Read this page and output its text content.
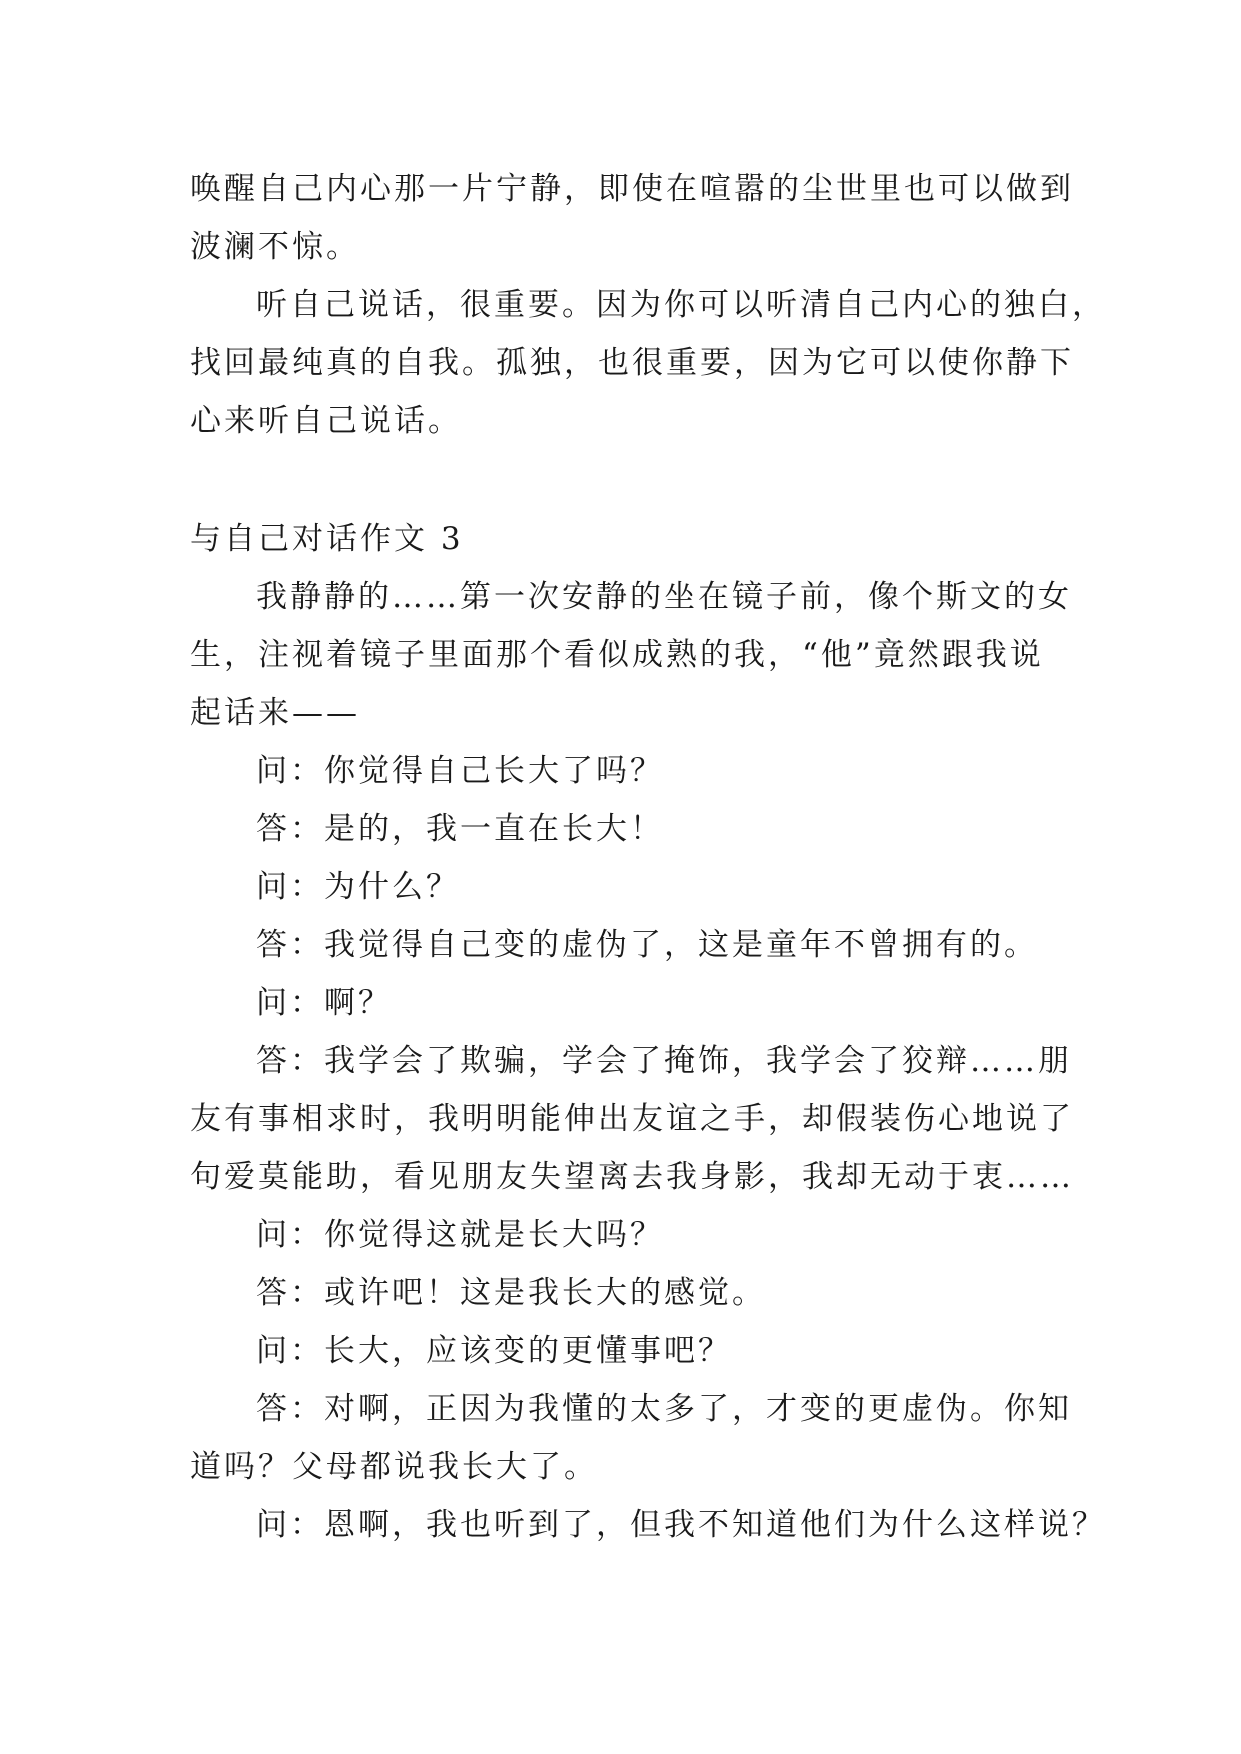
唤醒自己内心那一片宁静，即使在喧嚣的尘世里也可以做到

波澜不惊。

听自己说话，很重要。因为你可以听清自己内心的独白，

找回最纯真的自我。孤独，也很重要，因为它可以使你静下

心来听自己说话。

与自己对话作文 3

我静静的……第一次安静的坐在镜子前，像个斯文的女

生，注视着镜子里面那个看似成熟的我，“他”竟然跟我说

起话来——

问：你觉得自己长大了吗？

答：是的，我一直在长大！

问：为什么？

答：我觉得自己变的虚伪了，这是童年不曾拥有的。

问：啊？

答：我学会了欺骗，学会了掩饰，我学会了狡辩……朋

友有事相求时，我明明能伸出友谊之手，却假装伤心地说了

句爱莫能助，看见朋友失望离去我身影，我却无动于衷……

问：你觉得这就是长大吗？

答：或许吧！这是我长大的感觉。

问：长大，应该变的更懂事吧？

答：对啊，正因为我懂的太多了，才变的更虚伪。你知

道吗？父母都说我长大了。

问：恩啊，我也听到了，但我不知道他们为什么这样说？
